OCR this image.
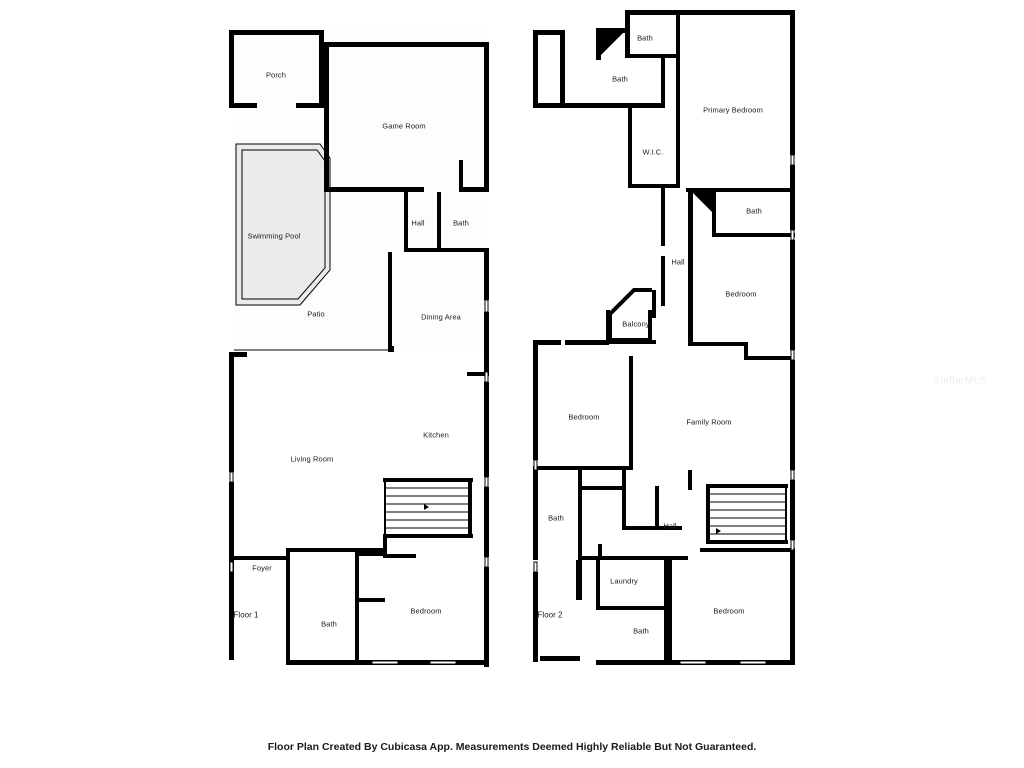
Floor 1
Porch
Game Room
Hall	Bath
Swimming Pool
Patio	Dining Area
Kitchen
Living Room
Foyer
Bath
Bedroom	Floor 2
Bath
Bath
Primary Bedroom
W.I.C.
Bath
Hall
Bedroom
Balcony
Bedroom
Family Room
Bath
Hall
Laundry
Bath
Bedroom
Floor Plan Created By Cubicasa App. Measurements Deemed Highly Reliable But Not Guaranteed.
StellarMLS
